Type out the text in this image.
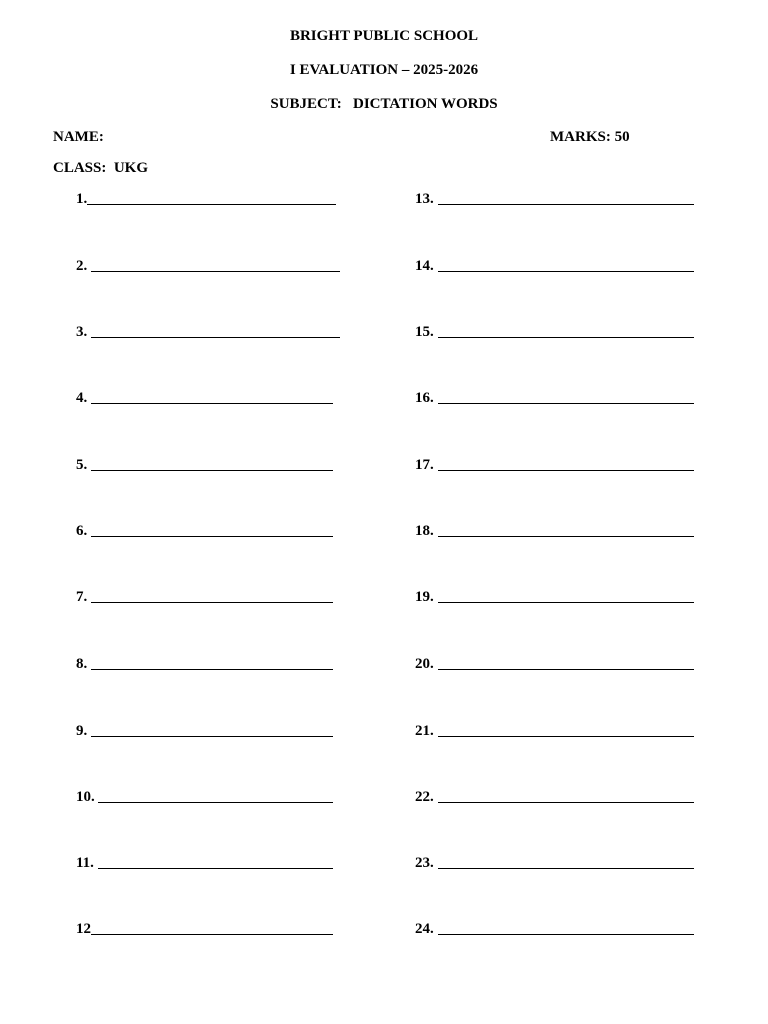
BRIGHT PUBLIC SCHOOL
I EVALUATION – 2025-2026
SUBJECT:   DICTATION WORDS
NAME:	MARKS: 50
CLASS:  UKG
1.
2.
3.
4.
5.
6.
7.
8.
9.
10.
11.
12
13.
14.
15.
16.
17.
18.
19.
20.
21.
22.
23.
24.
